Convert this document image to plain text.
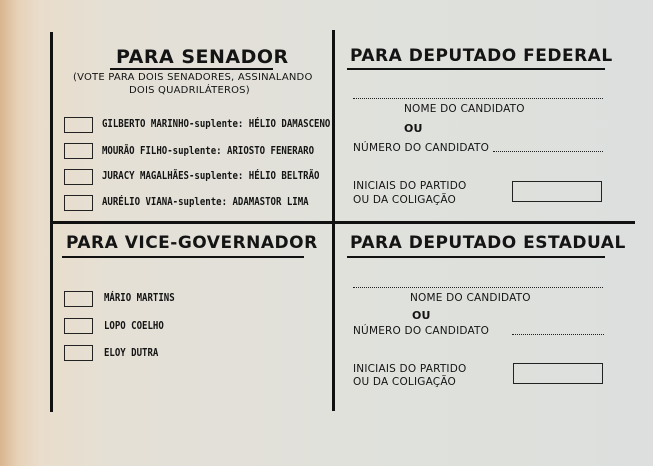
PARA SENADOR
(VOTE PARA DOIS SENADORES, ASSINALANDO
DOIS QUADRILÁTEROS)
GILBERTO MARINHO-suplente: HÉLIO DAMASCENO
MOURÃO FILHO-suplente: ARIOSTO FENERARO
JURACY MAGALHÃES-suplente: HÉLIO BELTRÃO
AURÉLIO VIANA-suplente: ADAMASTOR LIMA
PARA VICE-GOVERNADOR
MÁRIO MARTINS
LOPO COELHO
ELOY DUTRA
PARA DEPUTADO FEDERAL
NOME DO CANDIDATO
OU
NÚMERO DO CANDIDATO
INICIAIS DO PARTIDO
OU DA COLIGAÇÃO
PARA DEPUTADO ESTADUAL
NOME DO CANDIDATO
OU
NÚMERO DO CANDIDATO
INICIAIS DO PARTIDO
OU DA COLIGAÇÃO
